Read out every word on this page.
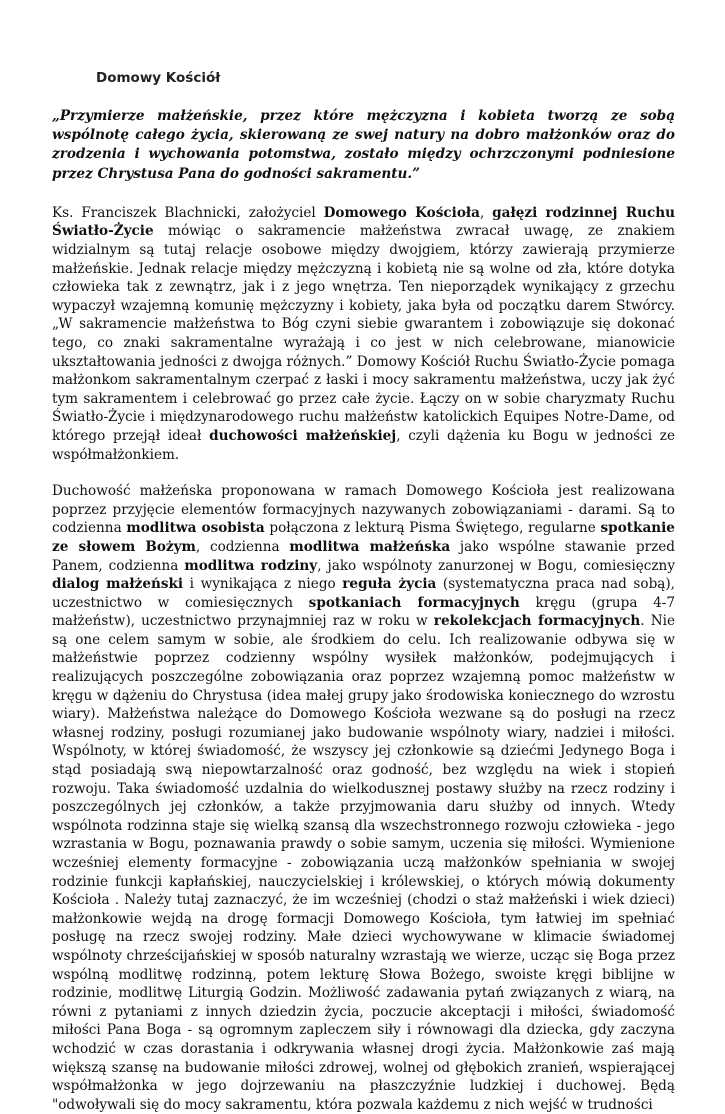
Domowy Kościół

„Przymierze małżeńskie, przez które mężczyzna i kobieta tworzą ze sobą wspólnotę całego życia, skierowaną ze swej natury na dobro małżonków oraz do zrodzenia i wychowania potomstwa, zostało między ochrzczonymi podniesione przez Chrystusa Pana do godności sakramentu.”

Ks. Franciszek Blachnicki, założyciel Domowego Kościoła, gałęzi rodzinnej Ruchu Światło-Życie mówiąc o sakramencie małżeństwa zwracał uwagę, ze znakiem widzialnym są tutaj relacje osobowe między dwojgiem, którzy zawierają przymierze małżeńskie. Jednak relacje między mężczyzną i kobietą nie są wolne od zła, które dotyka człowieka tak z zewnątrz, jak i z jego wnętrza. Ten nieporządek wynikający z grzechu wypaczył wzajemną komunię mężczyzny i kobiety, jaka była od początku darem Stwórcy. „W sakramencie małżeństwa to Bóg czyni siebie gwarantem i zobowiązuje się dokonać tego, co znaki sakramentalne wyrażają i co jest w nich celebrowane, mianowicie ukształtowania jedności z dwojga różnych.” Domowy Kościół Ruchu Światło-Życie pomaga małżonkom sakramentalnym czerpać z łaski i mocy sakramentu małżeństwa, uczy jak żyć tym sakramentem i celebrować go przez całe życie. Łączy on w sobie charyzmaty Ruchu Światło-Życie i międzynarodowego ruchu małżeństw katolickich Equipes Notre-Dame, od którego przejął ideał duchowości małżeńskiej, czyli dążenia ku Bogu w jedności ze współmałżonkiem.

Duchowość małżeńska proponowana w ramach Domowego Kościoła jest realizowana poprzez przyjęcie elementów formacyjnych nazywanych zobowiązaniami - darami. Są to codzienna modlitwa osobista połączona z lekturą Pisma Świętego, regularne spotkanie ze słowem Bożym, codzienna modlitwa małżeńska jako wspólne stawanie przed Panem, codzienna modlitwa rodziny, jako wspólnoty zanurzonej w Bogu, comiesięczny dialog małżeński i wynikająca z niego reguła życia (systematyczna praca nad sobą), uczestnictwo w comiesięcznych spotkaniach formacyjnych kręgu (grupa 4-7 małżeństw), uczestnictwo przynajmniej raz w roku w rekolekcjach formacyjnych. Nie są one celem samym w sobie, ale środkiem do celu. Ich realizowanie odbywa się w małżeństwie poprzez codzienny wspólny wysiłek małżonków, podejmujących i realizujących poszczególne zobowiązania oraz poprzez wzajemną pomoc małżeństw w kręgu w dążeniu do Chrystusa (idea małej grupy jako środowiska koniecznego do wzrostu wiary). Małżeństwa należące do Domowego Kościoła wezwane są do posługi na rzecz własnej rodziny, posługi rozumianej jako budowanie wspólnoty wiary, nadziei i miłości. Wspólnoty, w której świadomość, że wszyscy jej członkowie są dziećmi Jedynego Boga i stąd posiadają swą niepowtarzalność oraz godność, bez względu na wiek i stopień rozwoju. Taka świadomość uzdalnia do wielkodusznej postawy służby na rzecz rodziny i poszczególnych jej członków, a także przyjmowania daru służby od innych. Wtedy wspólnota rodzinna staje się wielką szansą dla wszechstronnego rozwoju człowieka - jego wzrastania w Bogu, poznawania prawdy o sobie samym, uczenia się miłości. Wymienione wcześniej elementy formacyjne - zobowiązania uczą małżonków spełniania w swojej rodzinie funkcji kapłańskiej, nauczycielskiej i królewskiej, o których mówią dokumenty Kościoła . Należy tutaj zaznaczyć, że im wcześniej (chodzi o staż małżeński i wiek dzieci) małżonkowie wejdą na drogę formacji Domowego Kościoła, tym łatwiej im spełniać posługę na rzecz swojej rodziny. Małe dzieci wychowywane w klimacie świadomej wspólnoty chrześcijańskiej w sposób naturalny wzrastają we wierze, ucząc się Boga przez wspólną modlitwę rodzinną, potem lekturę Słowa Bożego, swoiste kręgi biblijne w rodzinie, modlitwę Liturgią Godzin. Możliwość zadawania pytań związanych z wiarą, na równi z pytaniami z innych dziedzin życia, poczucie akceptacji i miłości, świadomość miłości Pana Boga - są ogromnym zapleczem siły i równowagi dla dziecka, gdy zaczyna wchodzić w czas dorastania i odkrywania własnej drogi życia. Małżonkowie zaś mają większą szansę na budowanie miłości zdrowej, wolnej od głębokich zranień, wspierającej współmałżonka w jego dojrzewaniu na płaszczyźnie ludzkiej i duchowej. Będą "odwoływali się do mocy sakramentu, która pozwala każdemu z nich wejść w trudności
